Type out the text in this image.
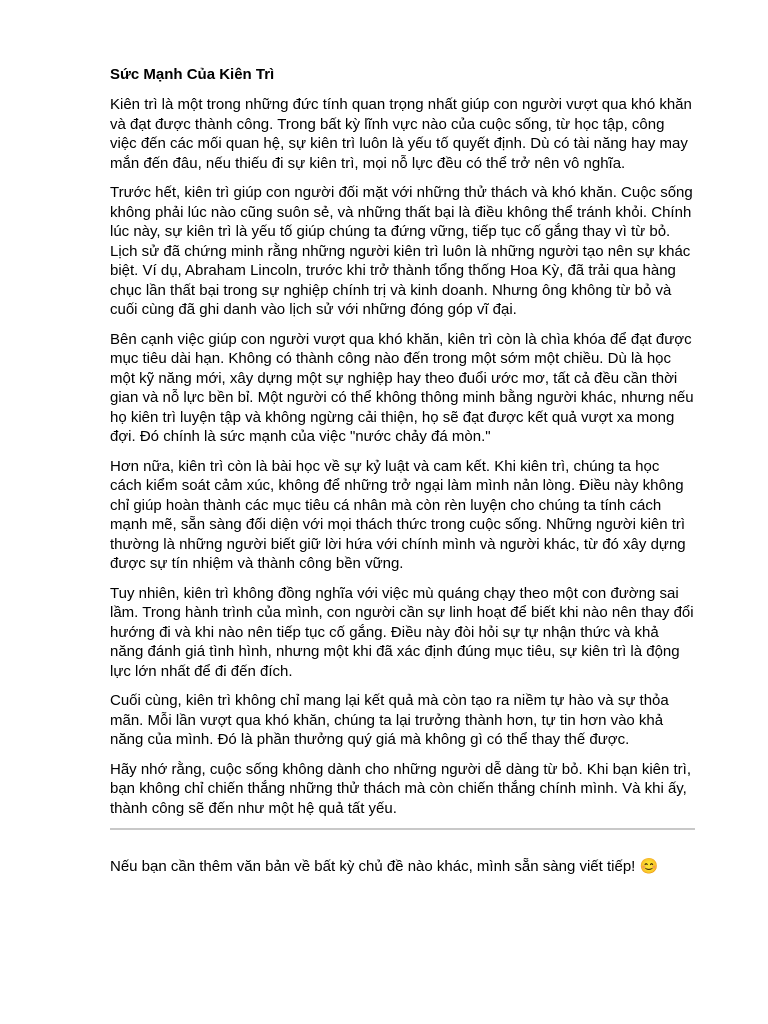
Sức Mạnh Của Kiên Trì

Kiên trì là một trong những đức tính quan trọng nhất giúp con người vượt qua khó khăn và đạt được thành công. Trong bất kỳ lĩnh vực nào của cuộc sống, từ học tập, công việc đến các mối quan hệ, sự kiên trì luôn là yếu tố quyết định. Dù có tài năng hay may mắn đến đâu, nếu thiếu đi sự kiên trì, mọi nỗ lực đều có thể trở nên vô nghĩa.

Trước hết, kiên trì giúp con người đối mặt với những thử thách và khó khăn. Cuộc sống không phải lúc nào cũng suôn sẻ, và những thất bại là điều không thể tránh khỏi. Chính lúc này, sự kiên trì là yếu tố giúp chúng ta đứng vững, tiếp tục cố gắng thay vì từ bỏ. Lịch sử đã chứng minh rằng những người kiên trì luôn là những người tạo nên sự khác biệt. Ví dụ, Abraham Lincoln, trước khi trở thành tổng thống Hoa Kỳ, đã trải qua hàng chục lần thất bại trong sự nghiệp chính trị và kinh doanh. Nhưng ông không từ bỏ và cuối cùng đã ghi danh vào lịch sử với những đóng góp vĩ đại.

Bên cạnh việc giúp con người vượt qua khó khăn, kiên trì còn là chìa khóa để đạt được mục tiêu dài hạn. Không có thành công nào đến trong một sớm một chiều. Dù là học một kỹ năng mới, xây dựng một sự nghiệp hay theo đuổi ước mơ, tất cả đều cần thời gian và nỗ lực bền bỉ. Một người có thể không thông minh bằng người khác, nhưng nếu họ kiên trì luyện tập và không ngừng cải thiện, họ sẽ đạt được kết quả vượt xa mong đợi. Đó chính là sức mạnh của việc "nước chảy đá mòn."

Hơn nữa, kiên trì còn là bài học về sự kỷ luật và cam kết. Khi kiên trì, chúng ta học cách kiểm soát cảm xúc, không để những trở ngại làm mình nản lòng. Điều này không chỉ giúp hoàn thành các mục tiêu cá nhân mà còn rèn luyện cho chúng ta tính cách mạnh mẽ, sẵn sàng đối diện với mọi thách thức trong cuộc sống. Những người kiên trì thường là những người biết giữ lời hứa với chính mình và người khác, từ đó xây dựng được sự tín nhiệm và thành công bền vững.

Tuy nhiên, kiên trì không đồng nghĩa với việc mù quáng chạy theo một con đường sai lầm. Trong hành trình của mình, con người cần sự linh hoạt để biết khi nào nên thay đổi hướng đi và khi nào nên tiếp tục cố gắng. Điều này đòi hỏi sự tự nhận thức và khả năng đánh giá tình hình, nhưng một khi đã xác định đúng mục tiêu, sự kiên trì là động lực lớn nhất để đi đến đích.

Cuối cùng, kiên trì không chỉ mang lại kết quả mà còn tạo ra niềm tự hào và sự thỏa mãn. Mỗi lần vượt qua khó khăn, chúng ta lại trưởng thành hơn, tự tin hơn vào khả năng của mình. Đó là phần thưởng quý giá mà không gì có thể thay thế được.

Hãy nhớ rằng, cuộc sống không dành cho những người dễ dàng từ bỏ. Khi bạn kiên trì, bạn không chỉ chiến thắng những thử thách mà còn chiến thắng chính mình. Và khi ấy, thành công sẽ đến như một hệ quả tất yếu.

Nếu bạn cần thêm văn bản về bất kỳ chủ đề nào khác, mình sẵn sàng viết tiếp! 😊
